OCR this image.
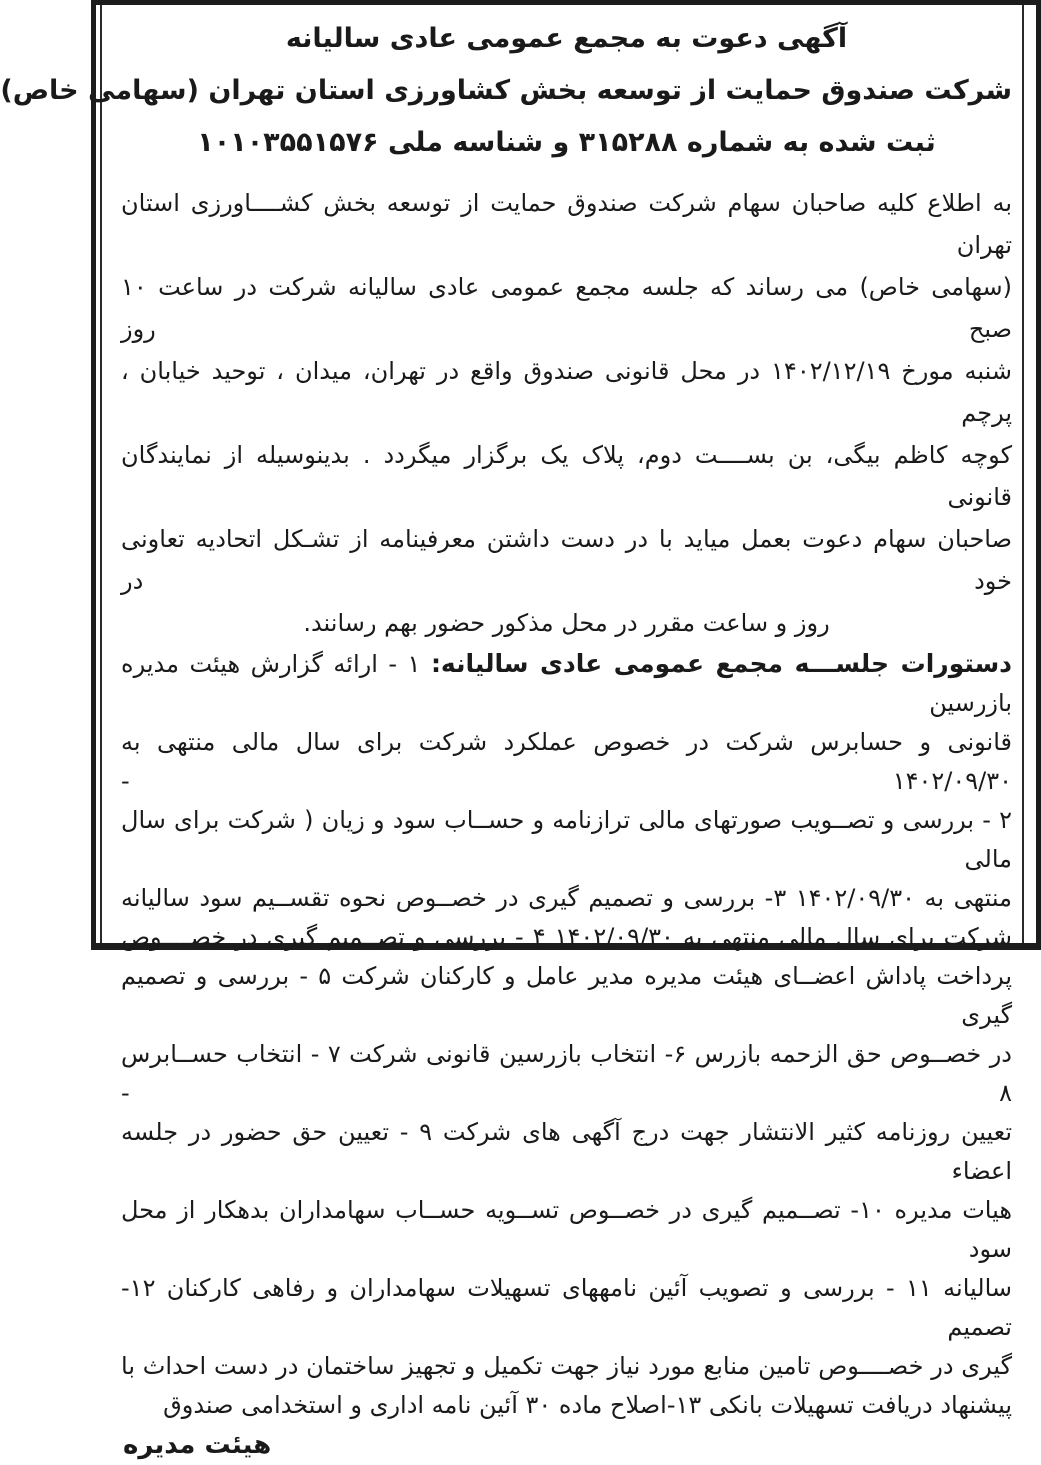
آگهی دعوت به مجمع عمومی عادی سالیانه
شرکت صندوق حمایت از توسعه بخش کشاورزی استان تهران (سهامی خاص)
ثبت شده به شماره ۳۱۵۲۸۸ و شناسه ملی ۱۰۱۰۳۵۵۱۵۷۶
به اطلاع کلیه صاحبان سهام شرکت صندوق حمایت از توسعه بخش کشــــاورزی استان تهران
(سهامی خاص) می رساند که جلسه مجمع عمومی عادی سالیانه شرکت در ساعت ۱۰ صبح روز
شنبه مورخ ۱۴۰۲/۱۲/۱۹ در محل قانونی صندوق واقع در تهران، میدان ، توحید خیابان ، پرچم
کوچه کاظم بیگی، بن بســــت دوم، پلاک یک برگزار میگردد . بدینوسیله از نمایندگان قانونی
صاحبان سهام دعوت بعمل میاید با در دست داشتن معرفینامه از تشـکل اتحادیه تعاونی خود در
روز و ساعت مقرر در محل مذکور حضور بهم رسانند.
دستورات جلســـه مجمع عمومی عادی سالیانه: ۱ - ارائه گزارش هیئت مدیره بازرسین
قانونی و حسابرس شرکت در خصوص عملکرد شرکت برای سال مالی منتهی به ۱۴۰۲/۰۹/۳۰ -
۲ - بررسی و تصــویب صورتهای مالی ترازنامه و حســاب سود و زیان ( شرکت برای سال مالی
منتهی به ۱۴۰۲/۰۹/۳۰ ۳- بررسی و تصمیم گیری در خصــوص نحوه تقســیم سود سالیانه
شرکت برای سال مالی منتهی به ۱۴۰۲/۰۹/۳۰ ۴ - بررسی و تصــمیم گیری در خصــــوص
پرداخت پاداش اعضــای هیئت مدیره مدیر عامل و کارکنان شرکت ۵ - بررسی و تصمیم گیری
در خصــوص حق الزحمه بازرس ۶- انتخاب بازرسین قانونی شرکت ۷ - انتخاب حســابرس ۸ -
تعیین روزنامه کثیر الانتشار جهت درج آگهی های شرکت ۹ - تعیین حق حضور در جلسه اعضاء
هیات مدیره ۱۰- تصــمیم گیری در خصــوص تســویه حســاب سهامداران بدهکار از محل سود
سالیانه ۱۱ - بررسی و تصویب آئین نامههای تسهیلات سهامداران و رفاهی کارکنان ۱۲- تصمیم
گیری در خصــــوص تامین منابع مورد نیاز جهت تکمیل و تجهیز ساختمان در دست احداث با
پیشنهاد دریافت تسهیلات بانکی ۱۳-اصلاح ماده ۳۰ آئین نامه اداری و استخدامی صندوق
هیئت مدیره
